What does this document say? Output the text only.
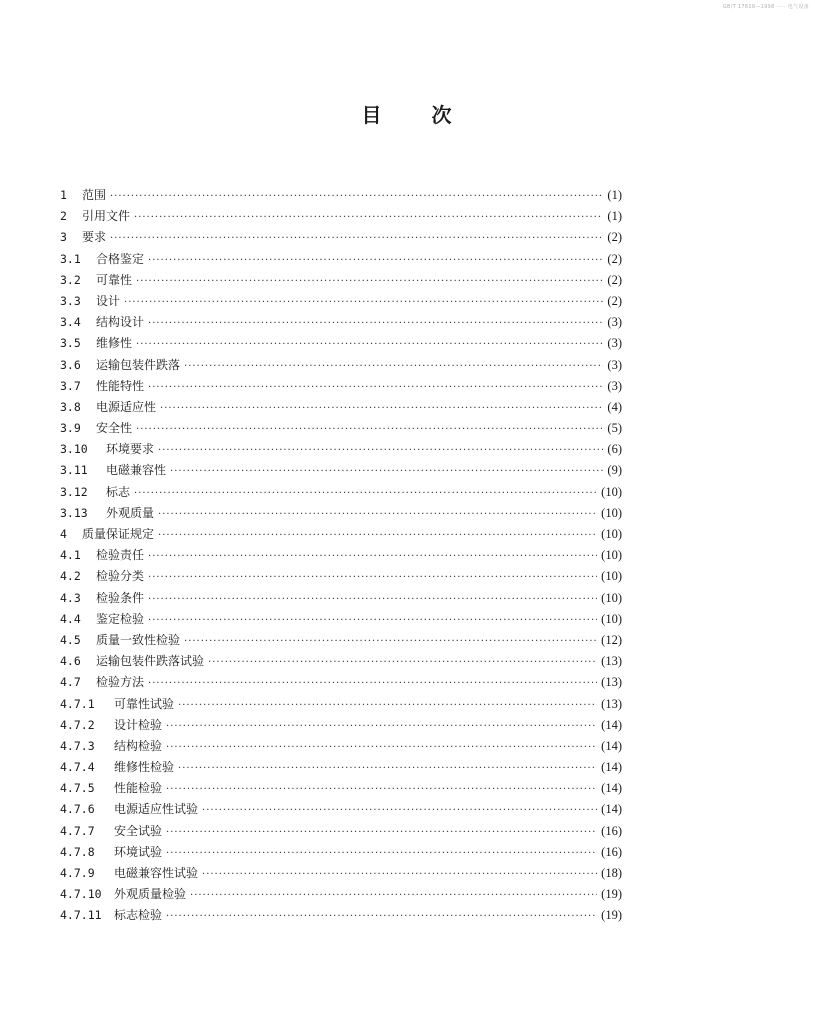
GB/T 17618—1998 ····· 电气设备
目 次
1	范围 ·····	(1)
2	引用文件 ·····	(1)
3	要求 ·····	(2)
3.1	合格鉴定 ·····	(2)
3.2	可靠性 ·····	(2)
3.3	设计 ·····	(2)
3.4	结构设计 ·····	(3)
3.5	维修性 ·····	(3)
3.6	运输包装件跌落 ·····	(3)
3.7	性能特性 ·····	(3)
3.8	电源适应性 ·····	(4)
3.9	安全性 ·····	(5)
3.10	环境要求 ·····	(6)
3.11	电磁兼容性 ·····	(9)
3.12	标志 ·····	(10)
3.13	外观质量 ·····	(10)
4	质量保证规定 ·····	(10)
4.1	检验责任 ·····	(10)
4.2	检验分类 ·····	(10)
4.3	检验条件 ·····	(10)
4.4	鉴定检验 ·····	(10)
4.5	质量一致性检验 ·····	(12)
4.6	运输包装件跌落试验 ·····	(13)
4.7	检验方法 ·····	(13)
4.7.1	可靠性试验 ·····	(13)
4.7.2	设计检验 ·····	(14)
4.7.3	结构检验 ·····	(14)
4.7.4	维修性检验 ·····	(14)
4.7.5	性能检验 ·····	(14)
4.7.6	电源适应性试验 ·····	(14)
4.7.7	安全试验 ·····	(16)
4.7.8	环境试验 ·····	(16)
4.7.9	电磁兼容性试验 ·····	(18)
4.7.10	外观质量检验 ·····	(19)
4.7.11	标志检验 ·····	(19)
